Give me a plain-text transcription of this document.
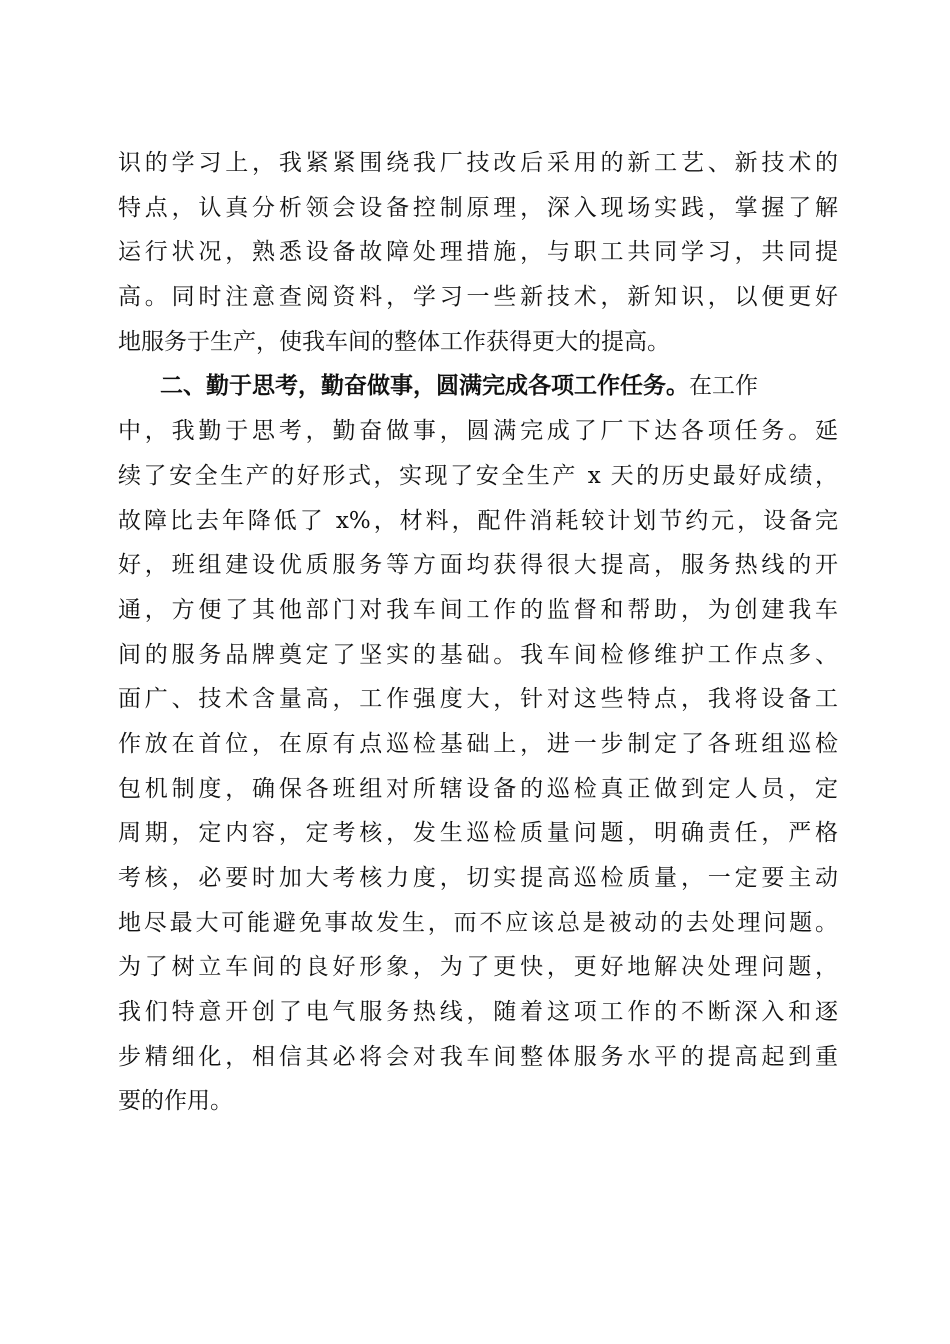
识的学习上，我紧紧围绕我厂技改后采用的新工艺、新技术的
特点，认真分析领会设备控制原理，深入现场实践，掌握了解
运行状况，熟悉设备故障处理措施，与职工共同学习，共同提
高。同时注意查阅资料，学习一些新技术，新知识，以便更好
地服务于生产，使我车间的整体工作获得更大的提高。
二、勤于思考，勤奋做事，圆满完成各项工作任务。在工作
中，我勤于思考，勤奋做事，圆满完成了厂下达各项任务。延
续了安全生产的好形式，实现了安全生产 x 天的历史最好成绩，
故障比去年降低了 x%，材料，配件消耗较计划节约元，设备完
好，班组建设优质服务等方面均获得很大提高，服务热线的开
通，方便了其他部门对我车间工作的监督和帮助，为创建我车
间的服务品牌奠定了坚实的基础。我车间检修维护工作点多、
面广、技术含量高，工作强度大，针对这些特点，我将设备工
作放在首位，在原有点巡检基础上，进一步制定了各班组巡检
包机制度，确保各班组对所辖设备的巡检真正做到定人员，定
周期，定内容，定考核，发生巡检质量问题，明确责任，严格
考核，必要时加大考核力度，切实提高巡检质量，一定要主动
地尽最大可能避免事故发生，而不应该总是被动的去处理问题。
为了树立车间的良好形象，为了更快，更好地解决处理问题，
我们特意开创了电气服务热线，随着这项工作的不断深入和逐
步精细化，相信其必将会对我车间整体服务水平的提高起到重
要的作用。
